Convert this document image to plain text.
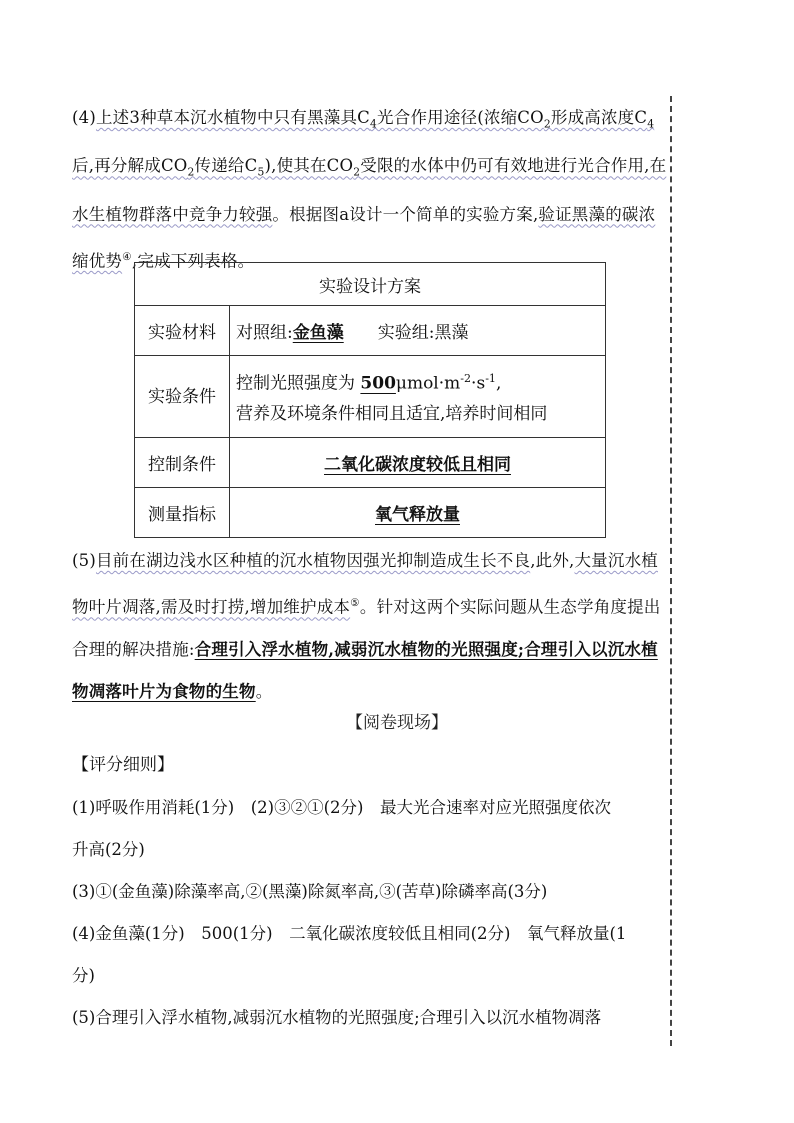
(4)上述3种草本沉水植物中只有黑藻具$C_4$光合作用途径(浓缩$CO_2$形成高浓度$C_4$后,再分解成$CO_2$传递给$C_5$),使其在$CO_2$受限的水体中仍可有效地进行光合作用,在水生植物群落中竞争力较强。根据图a设计一个简单的实验方案,验证黑藻的碳浓缩优势④,完成下列表格。
实验设计方案	
实验材料	对照组:金鱼藻   实验组:黑藻
实验条件	控制光照强度为 $500\mu mol\cdot m^{-2}\cdot s^{-1}$,
营养及环境条件相同且适宜,培养时间相同

控制条件	二氧化碳浓度较低且相同
测量指标	氧气释放量
(5)目前在湖边浅水区种植的沉水植物因强光抑制造成生长不良,此外,大量沉水植物叶片凋落,需及时打捞,增加维护成本⑤。针对这两个实际问题从生态学角度提出合理的解决措施:合理引入浮水植物,减弱沉水植物的光照强度;合理引入以沉水植物凋落叶片为食物的生物。
【阅卷现场】
【评分细则】
(1)呼吸作用消耗(1分)　(2)③②①(2分)　最大光合速率对应光照强度依次
升高(2分)
(3)①(金鱼藻)除藻率高,②(黑藻)除氮率高,③(苦草)除磷率高(3分)
(4)金鱼藻(1分)　500(1分)　二氧化碳浓度较低且相同(2分)　氧气释放量(1
分)
(5)合理引入浮水植物,减弱沉水植物的光照强度;合理引入以沉水植物凋落
